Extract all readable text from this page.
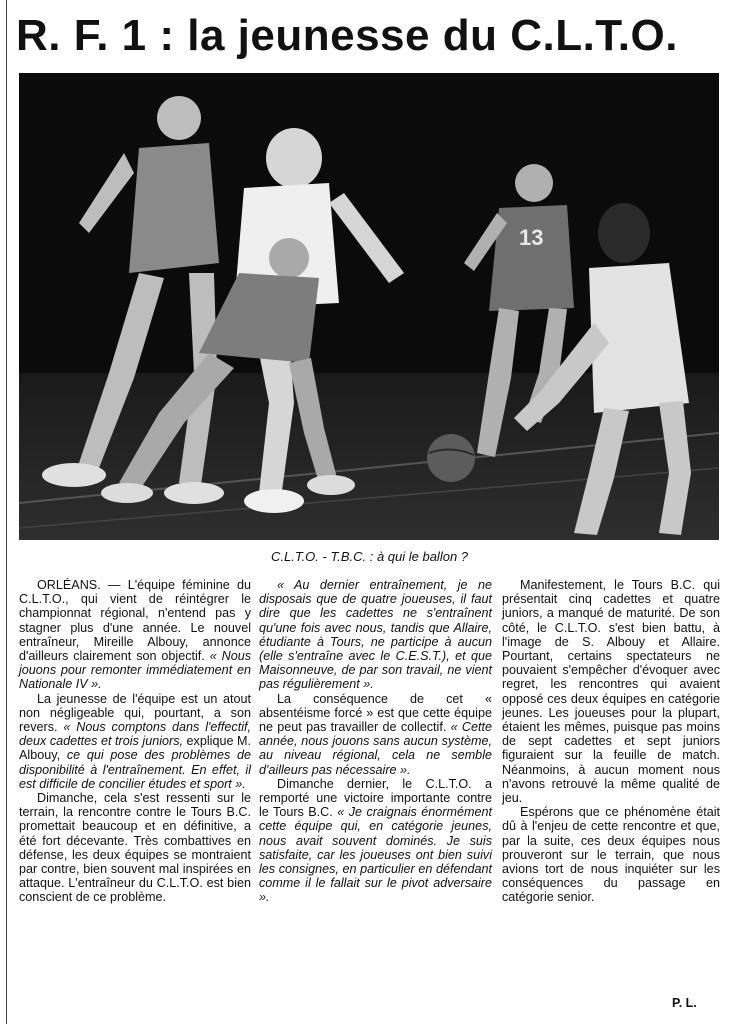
R. F. 1 : la jeunesse du C.L.T.O.
13
C.L.T.O. - T.B.C. : à qui le ballon ?

ORLÉANS. — L'équipe féminine du C.L.T.O., qui vient de réintégrer le championnat régional, n'entend pas y stagner plus d'une année. Le nouvel entraîneur, Mireille Albouy, annonce d'ailleurs clairement son objectif. « Nous jouons pour remonter immédiatement en Nationale IV ».

La jeunesse de l'équipe est un atout non négligeable qui, pourtant, a son revers. « Nous comptons dans l'effectif, deux cadettes et trois juniors, explique M. Albouy, ce qui pose des problèmes de disponibilité à l'entraînement. En effet, il est difficile de concilier études et sport ».

Dimanche, cela s'est ressenti sur le terrain, la rencontre contre le Tours B.C. promettait beaucoup et en définitive, a été fort décevante. Très combattives en défense, les deux équipes se montraient par contre, bien souvent mal inspirées en attaque. L'entraîneur du C.L.T.O. est bien conscient de ce problème.

« Au dernier entraînement, je ne disposais que de quatre joueuses, il faut dire que les cadettes ne s'entraînent qu'une fois avec nous, tandis que Allaire, étudiante à Tours, ne participe à aucun (elle s'entraîne avec le C.E.S.T.), et que Maisonneuve, de par son travail, ne vient pas régulièrement ».

La conséquence de cet « absentéisme forcé » est que cette équipe ne peut pas travailler de collectif. « Cette année, nous jouons sans aucun système, au niveau régional, cela ne semble d'ailleurs pas nécessaire ».

Dimanche dernier, le C.L.T.O. a remporté une victoire importante contre le Tours B.C. « Je craignais énormément cette équipe qui, en catégorie jeunes, nous avait souvent dominés. Je suis satisfaite, car les joueuses ont bien suivi les consignes, en particulier en défendant comme il le fallait sur le pivot adversaire ».

Manifestement, le Tours B.C. qui présentait cinq cadettes et quatre juniors, a manqué de maturité. De son côté, le C.L.T.O. s'est bien battu, à l'image de S. Albouy et Allaire. Pourtant, certains spectateurs ne pouvaient s'empêcher d'évoquer avec regret, les rencontres qui avaient opposé ces deux équipes en catégorie jeunes. Les joueuses pour la plupart, étaient les mêmes, puisque pas moins de sept cadettes et sept juniors figuraient sur la feuille de match. Néanmoins, à aucun moment nous n'avons retrouvé la même qualité de jeu.

Espérons que ce phénomène était dû à l'enjeu de cette rencontre et que, par la suite, ces deux équipes nous prouveront sur le terrain, que nous avions tort de nous inquiéter sur les conséquences du passage en catégorie senior.

P. L.
